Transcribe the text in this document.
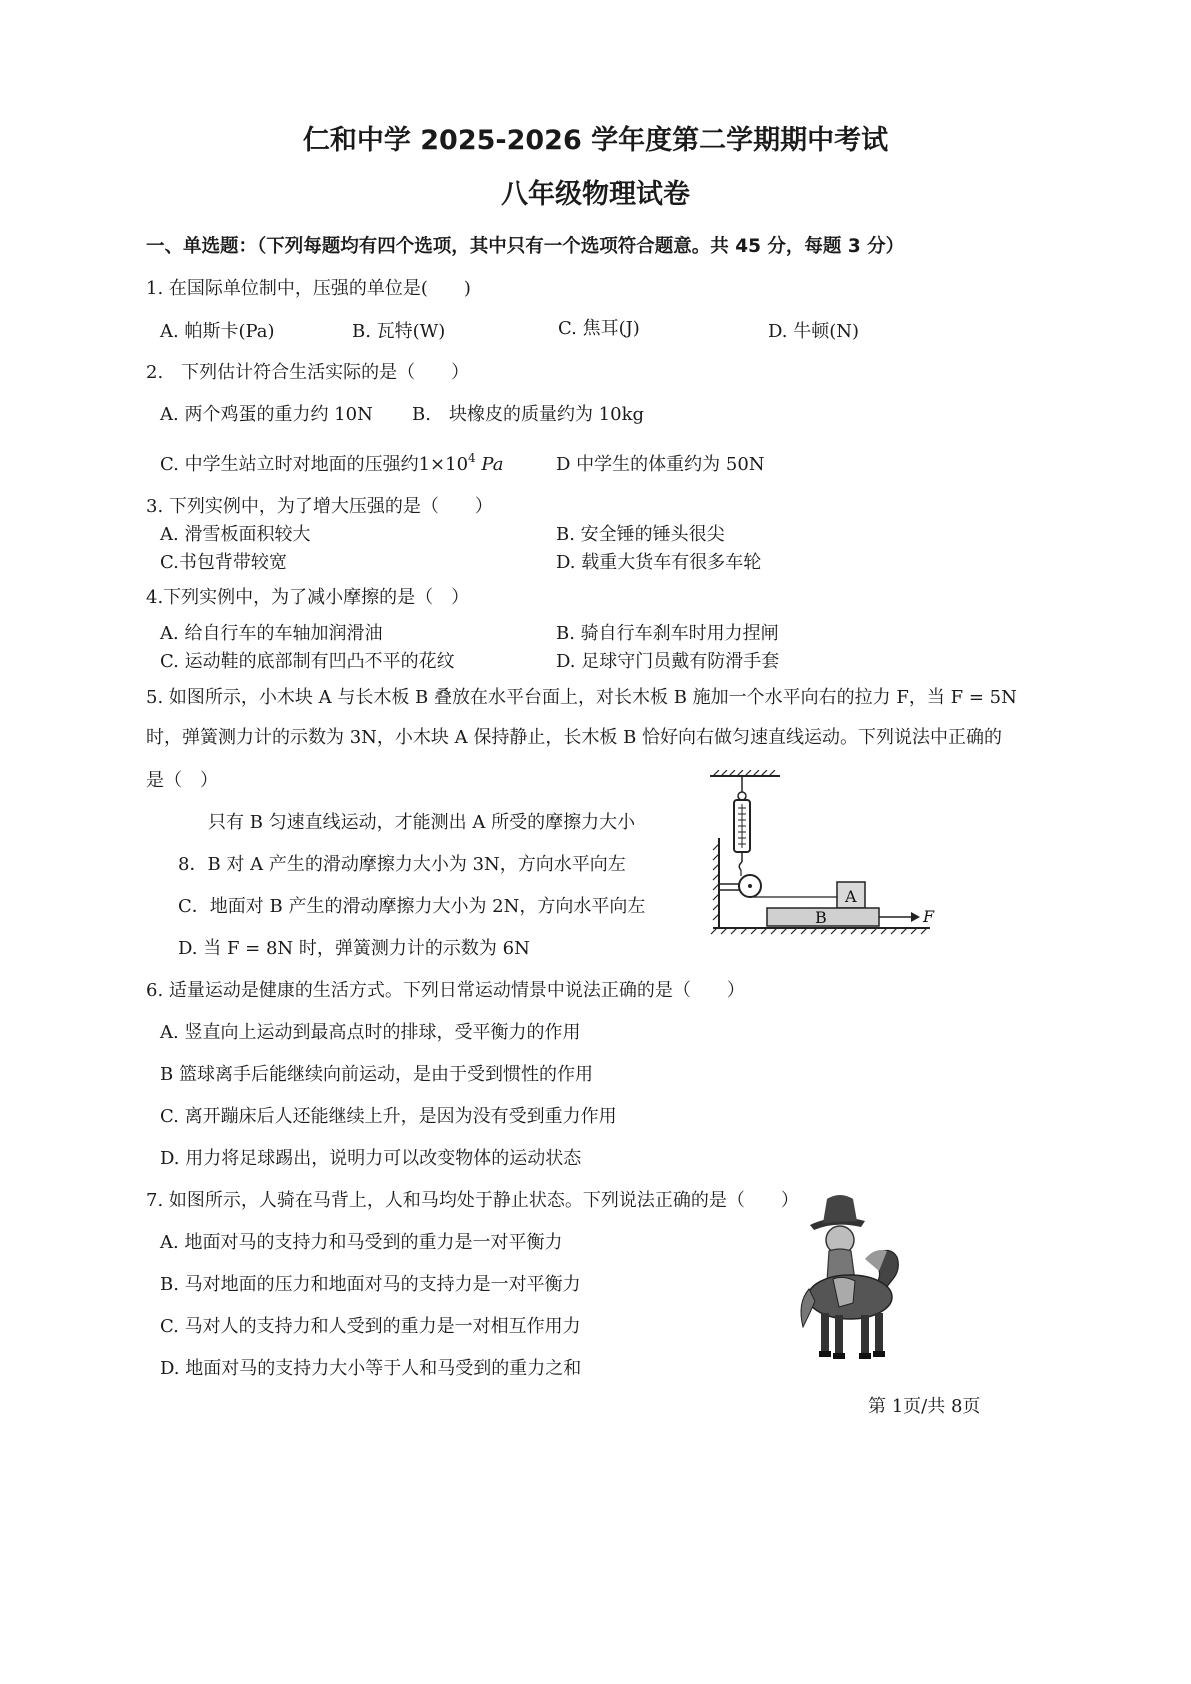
仁和中学 2025-2026 学年度第二学期期中考试
八年级物理试卷
一、单选题：（下列每题均有四个选项，其中只有一个选项符合题意。共 45 分，每题 3 分）
1. 在国际单位制中，压强的单位是(　　)
A. 帕斯卡(Pa)	B. 瓦特(W)	C. 焦耳(J)	D. 牛顿(N)
2.　下列估计符合生活实际的是（　　）
A. 两个鸡蛋的重力约 10N B.　块橡皮的质量约为 10kg
C. 中学生站立时对地面的压强约$1\times 10^4$ Pa	D 中学生的体重约为 50N
3. 下列实例中，为了增大压强的是（　　）
A. 滑雪板面积较大	B. 安全锤的锤头很尖
C.书包背带较宽	D. 载重大货车有很多车轮
4.下列实例中，为了减小摩擦的是（　）
A. 给自行车的车轴加润滑油	B. 骑自行车刹车时用力捏闸
C. 运动鞋的底部制有凹凸不平的花纹	D. 足球守门员戴有防滑手套
5. 如图所示，小木块 A 与长木板 B 叠放在水平台面上，对长木板 B 施加一个水平向右的拉力 F，当 F = 5N
时，弹簧测力计的示数为 3N，小木块 A 保持静止，长木板 B 恰好向右做匀速直线运动。下列说法中正确的
是（　）
只有 B 匀速直线运动，才能测出 A 所受的摩擦力大小
8．B 对 A 产生的滑动摩擦力大小为 3N，方向水平向左
C．地面对 B 产生的滑动摩擦力大小为 2N，方向水平向左
D. 当 F = 8N 时，弹簧测力计的示数为 6N
A
B	F
6. 适量运动是健康的生活方式。下列日常运动情景中说法正确的是（　　）
A. 竖直向上运动到最高点时的排球，受平衡力的作用
B 篮球离手后能继续向前运动，是由于受到惯性的作用
C. 离开蹦床后人还能继续上升，是因为没有受到重力作用
D. 用力将足球踢出，说明力可以改变物体的运动状态
7. 如图所示，人骑在马背上，人和马均处于静止状态。下列说法正确的是（　　）
A. 地面对马的支持力和马受到的重力是一对平衡力
B. 马对地面的压力和地面对马的支持力是一对平衡力
C. 马对人的支持力和人受到的重力是一对相互作用力
D. 地面对马的支持力大小等于人和马受到的重力之和
第 1页/共 8页
